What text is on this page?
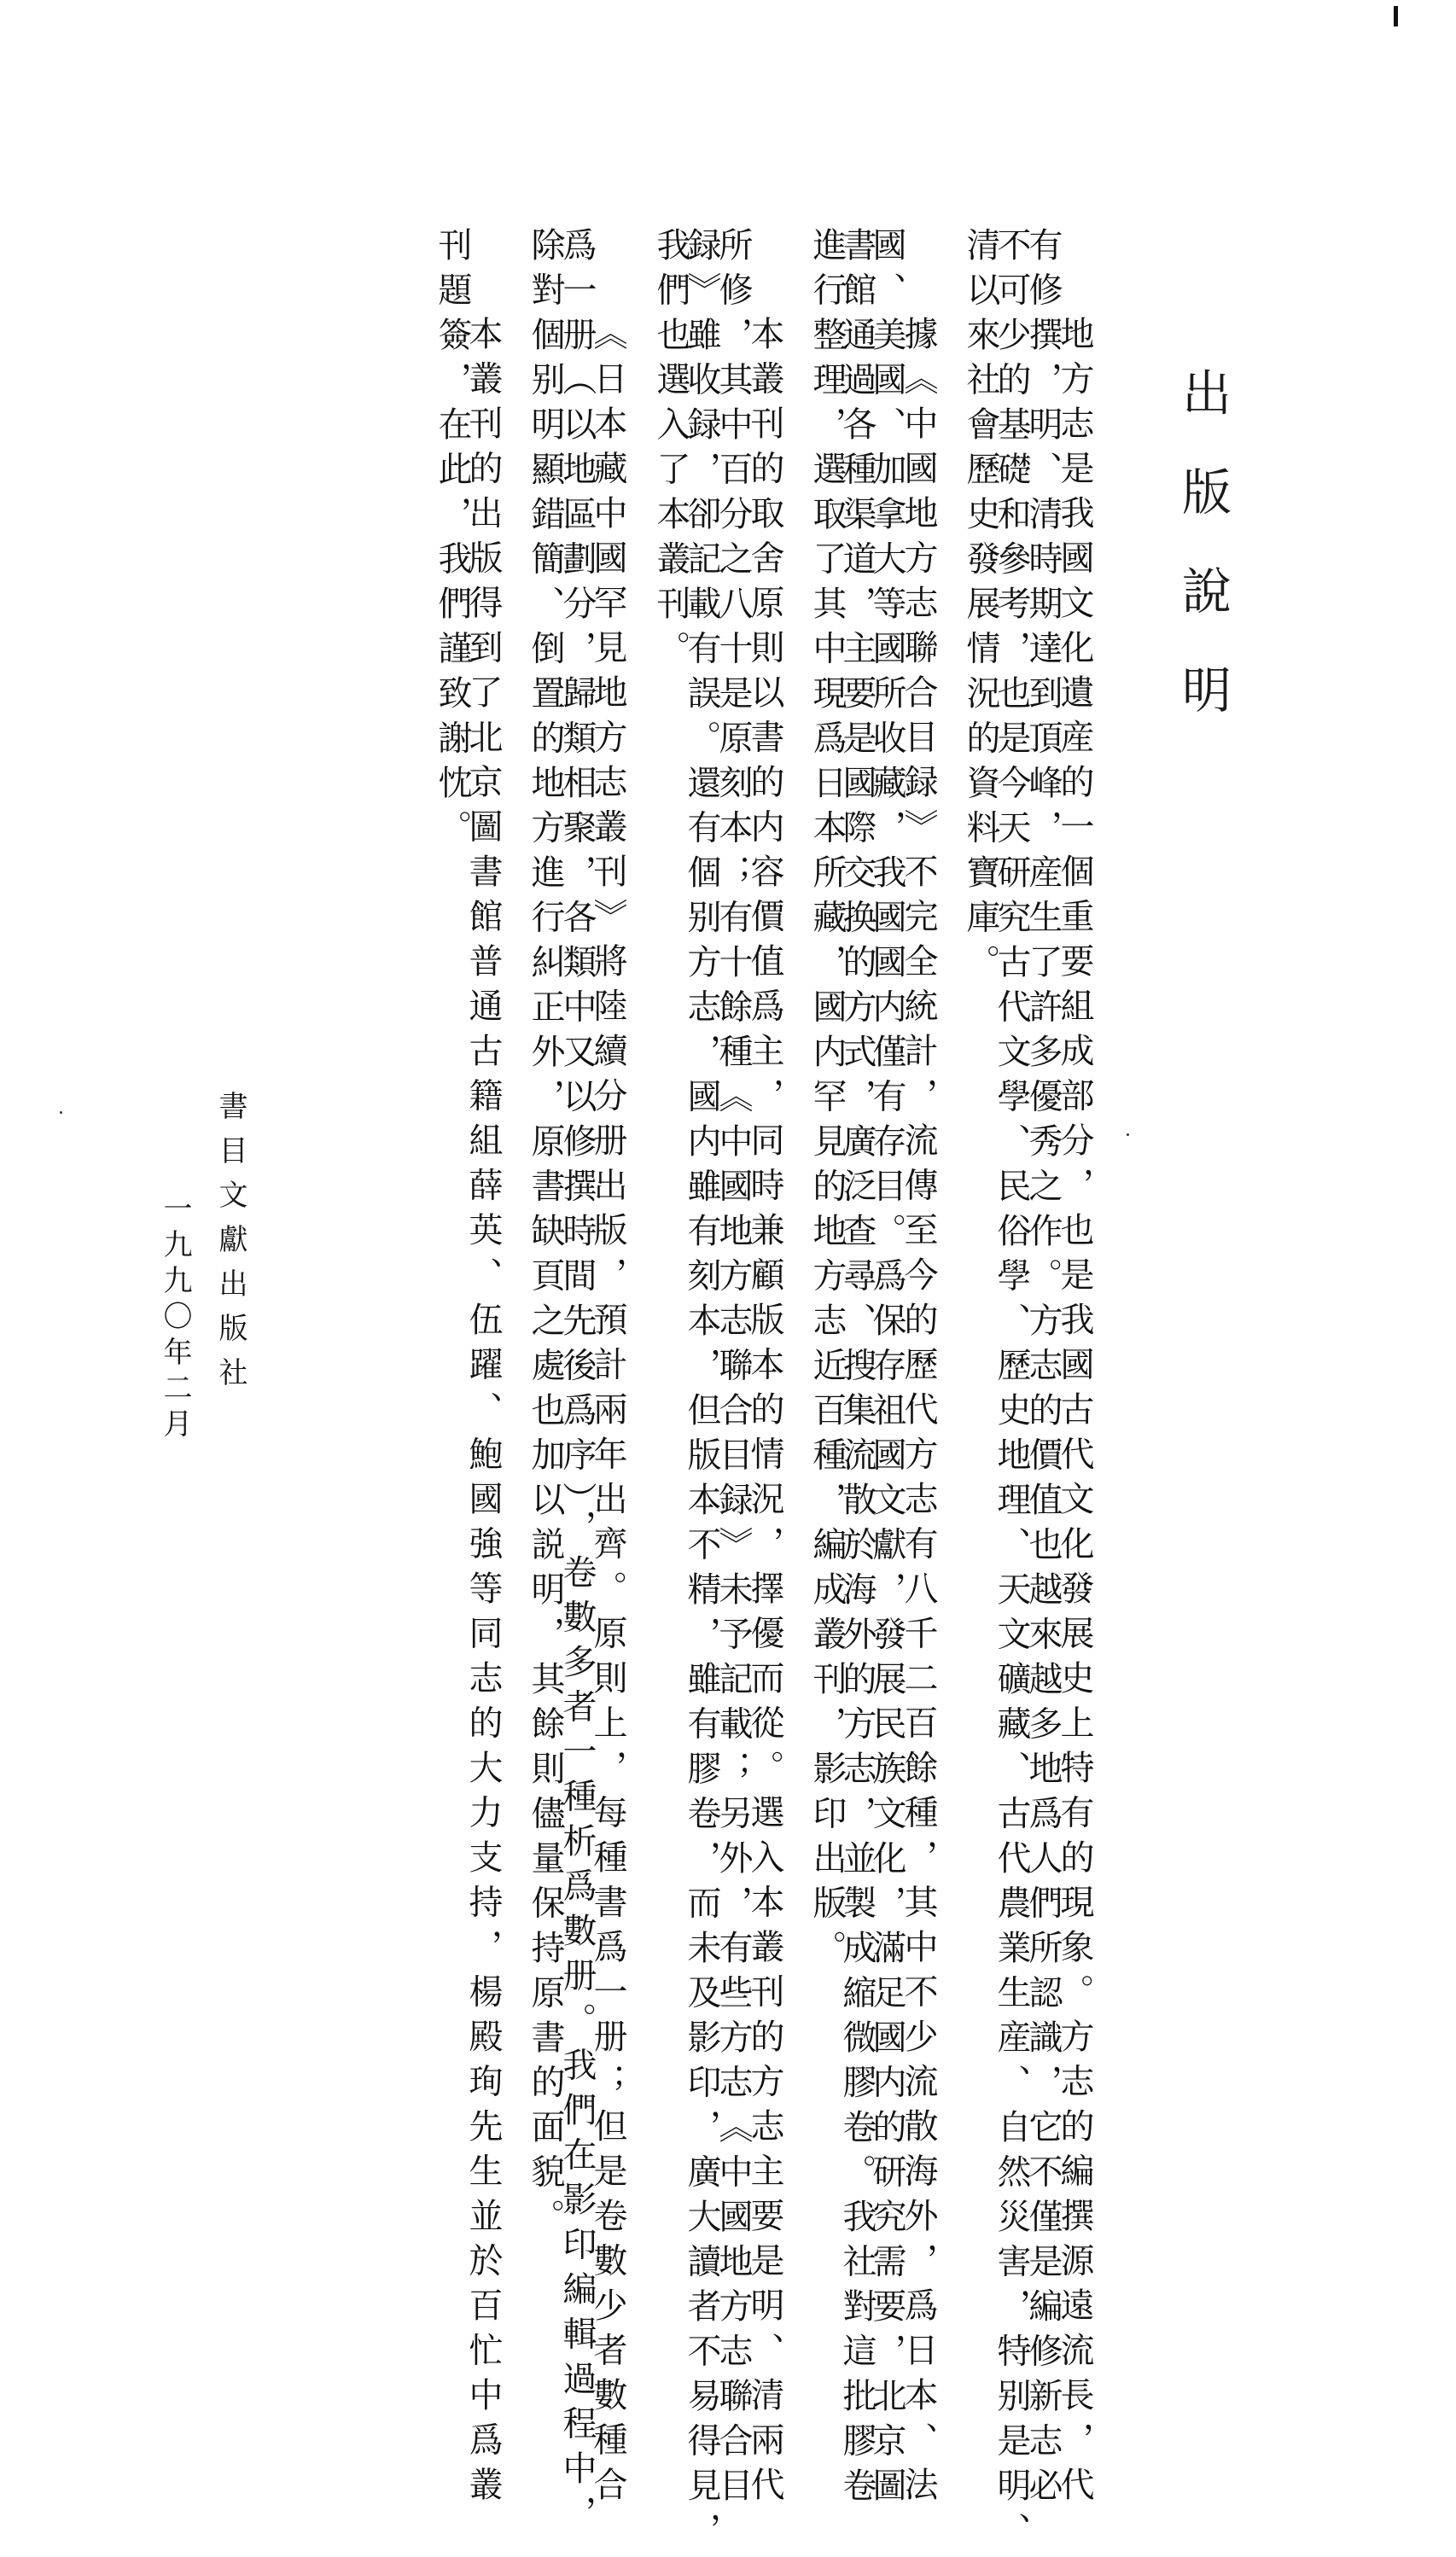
出版說明
地方志是我國文化遺産的一個重要組成部分，也是我國古代文化發展史上特有的現象。方志的編撰源遠流長，代
有修撰，明、清時期達到頂峰，産生了許多優秀之作。方志的價值也越來越多地爲人們所認識，它不僅是編修新志必
不可少的基礎和參考，也是今天研究古代文學、民俗學、歷史地理、天文礦藏、古代農業生産、自然災害，特别是明、
清以來社會歷史發展情況的資料寶庫。
據《中國地方志聯合目録》不完全統計，流傳至今的歷代方志有八千二百餘種，其中不少流散海外，爲日本、法
國、美國、加拿大等國所收藏，我國國内僅有存目。爲保存祖國文獻，發展民族文化，滿足國内的研究需要，北京圖
書館通過各種渠道，主要是國際交换的方式，廣泛查尋、搜集流散於海外的方志，並製成縮微膠卷。我社對這批膠卷
進行整理，選取了其中現爲日本所藏，國内罕見的地方志近百種，編成叢刊，影印出版。
本叢刊的取舍原則以書的内容價值爲主，同時兼顧版本的情況，擇優而從。選入本叢刊的方志主要是明、清兩代
所修，其中百分之八十是原刻本；有十餘種《中國地方志聯合目録》未予記載；另外，有些方志《中國地方志聯合目
録》雖收録，卻記載有誤。還有個别方志，國内雖有刻本，但版本不精，雖有膠卷，而未及影印，廣大讀者不易得見，
我們也選入了本叢刊。
《日本藏中國罕見地方志叢刊》將陸續分册出版，預計兩年出齊。原則上，每種書爲一册；但是卷數少者數種合
爲一册（以地區劃分，歸類相聚，各類中又以修撰時間先後爲序），卷數多者一種析爲數册。我們在影印編輯過程中，
除對個别明顯錯簡、倒置的地方進行糾正外，原書缺頁之處也加以説明，其餘則儘量保持原書的面貌。
本叢刊的出版得到了北京圖書館普通古籍組薛英、伍躍、鮑國強等同志的大力支持，楊殿珣先生並於百忙中爲叢
刊題簽，在此，我們謹致謝忱。
書目文獻出版社
一九九〇年二月
